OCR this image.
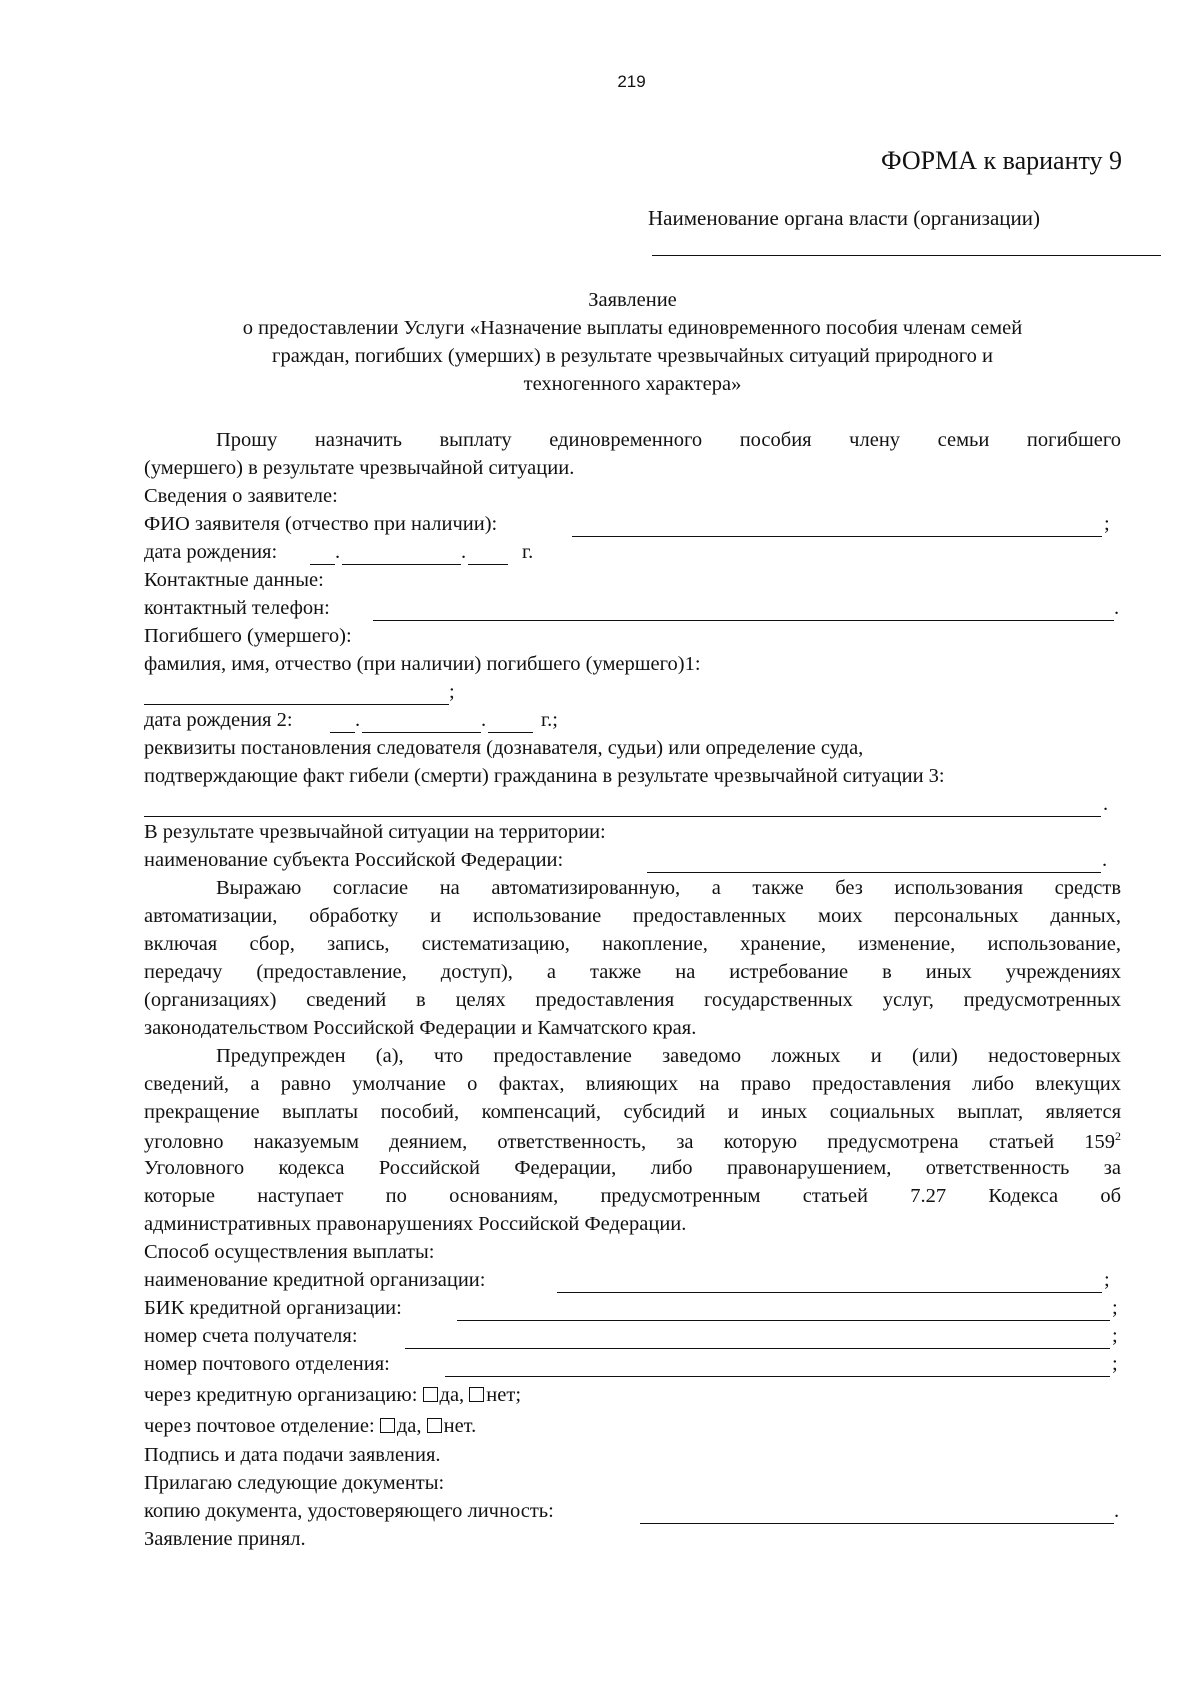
219
ФОРМА к варианту 9
Наименование органа власти (организации)
Заявление
о предоставлении Услуги «Назначение выплаты единовременного пособия членам семей
граждан, погибших (умерших) в результате чрезвычайных ситуаций природного и
техногенного характера»
Прошу назначить выплату единовременного пособия члену семьи погибшего
(умершего) в результате чрезвычайной ситуации.
Сведения о заявителе:
ФИО заявителя (отчество при наличии):	;
дата рождения:	.	.	г.
Контактные данные:
контактный телефон:	.
Погибшего (умершего):
фамилия, имя, отчество (при наличии) погибшего (умершего)1:
;
дата рождения 2:	.	.	г.;
реквизиты постановления следователя (дознавателя, судьи) или определение суда,
подтверждающие факт гибели (смерти) гражданина в результате чрезвычайной ситуации 3:
.
В результате чрезвычайной ситуации на территории:
наименование субъекта Российской Федерации:	.
Выражаю согласие на автоматизированную, а также без использования средств
автоматизации, обработку и использование предоставленных моих персональных данных,
включая сбор, запись, систематизацию, накопление, хранение, изменение, использование,
передачу (предоставление, доступ), а также на истребование в иных учреждениях
(организациях) сведений в целях предоставления государственных услуг, предусмотренных
законодательством Российской Федерации и Камчатского края.
Предупрежден (а), что предоставление заведомо ложных и (или) недостоверных
сведений, а равно умолчание о фактах, влияющих на право предоставления либо влекущих
прекращение выплаты пособий, компенсаций, субсидий и иных социальных выплат, является
уголовно наказуемым деянием, ответственность, за которую предусмотрена статьей $159^2$
Уголовного кодекса Российской Федерации, либо правонарушением, ответственность за
которые наступает по основаниям, предусмотренным статьей 7.27 Кодекса об
административных правонарушениях Российской Федерации.
Способ осуществления выплаты:
наименование кредитной организации:	;
БИК кредитной организации:	;
номер счета получателя:	;
номер почтового отделения:	;
через кредитную организацию: да, нет;
через почтовое отделение: да, нет.
Подпись и дата подачи заявления.
Прилагаю следующие документы:
копию документа, удостоверяющего личность:	.
Заявление принял.
